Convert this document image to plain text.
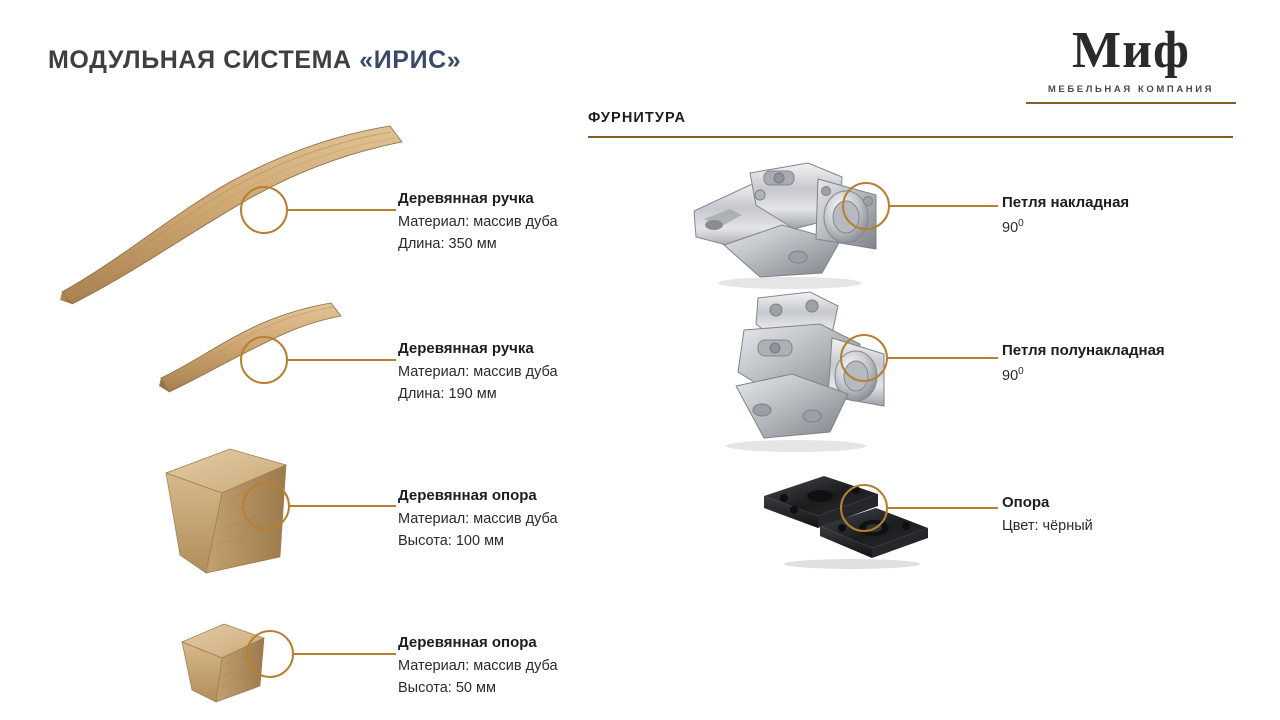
МОДУЛЬНАЯ СИСТЕМА «ИРИС»	Миф
МЕБЕЛЬНАЯ КОМПАНИЯ
ФУРНИТУРА
Деревянная ручка
Материал: массив дуба
Длина: 350 мм
Деревянная ручка
Материал: массив дуба
Длина: 190 мм
Деревянная опора
Материал: массив дуба
Высота: 100 мм
Деревянная опора
Материал: массив дуба
Высота: 50 мм
Петля накладная
$90^0$
Петля полунакладная
$90^0$
Опора
Цвет: чёрный
